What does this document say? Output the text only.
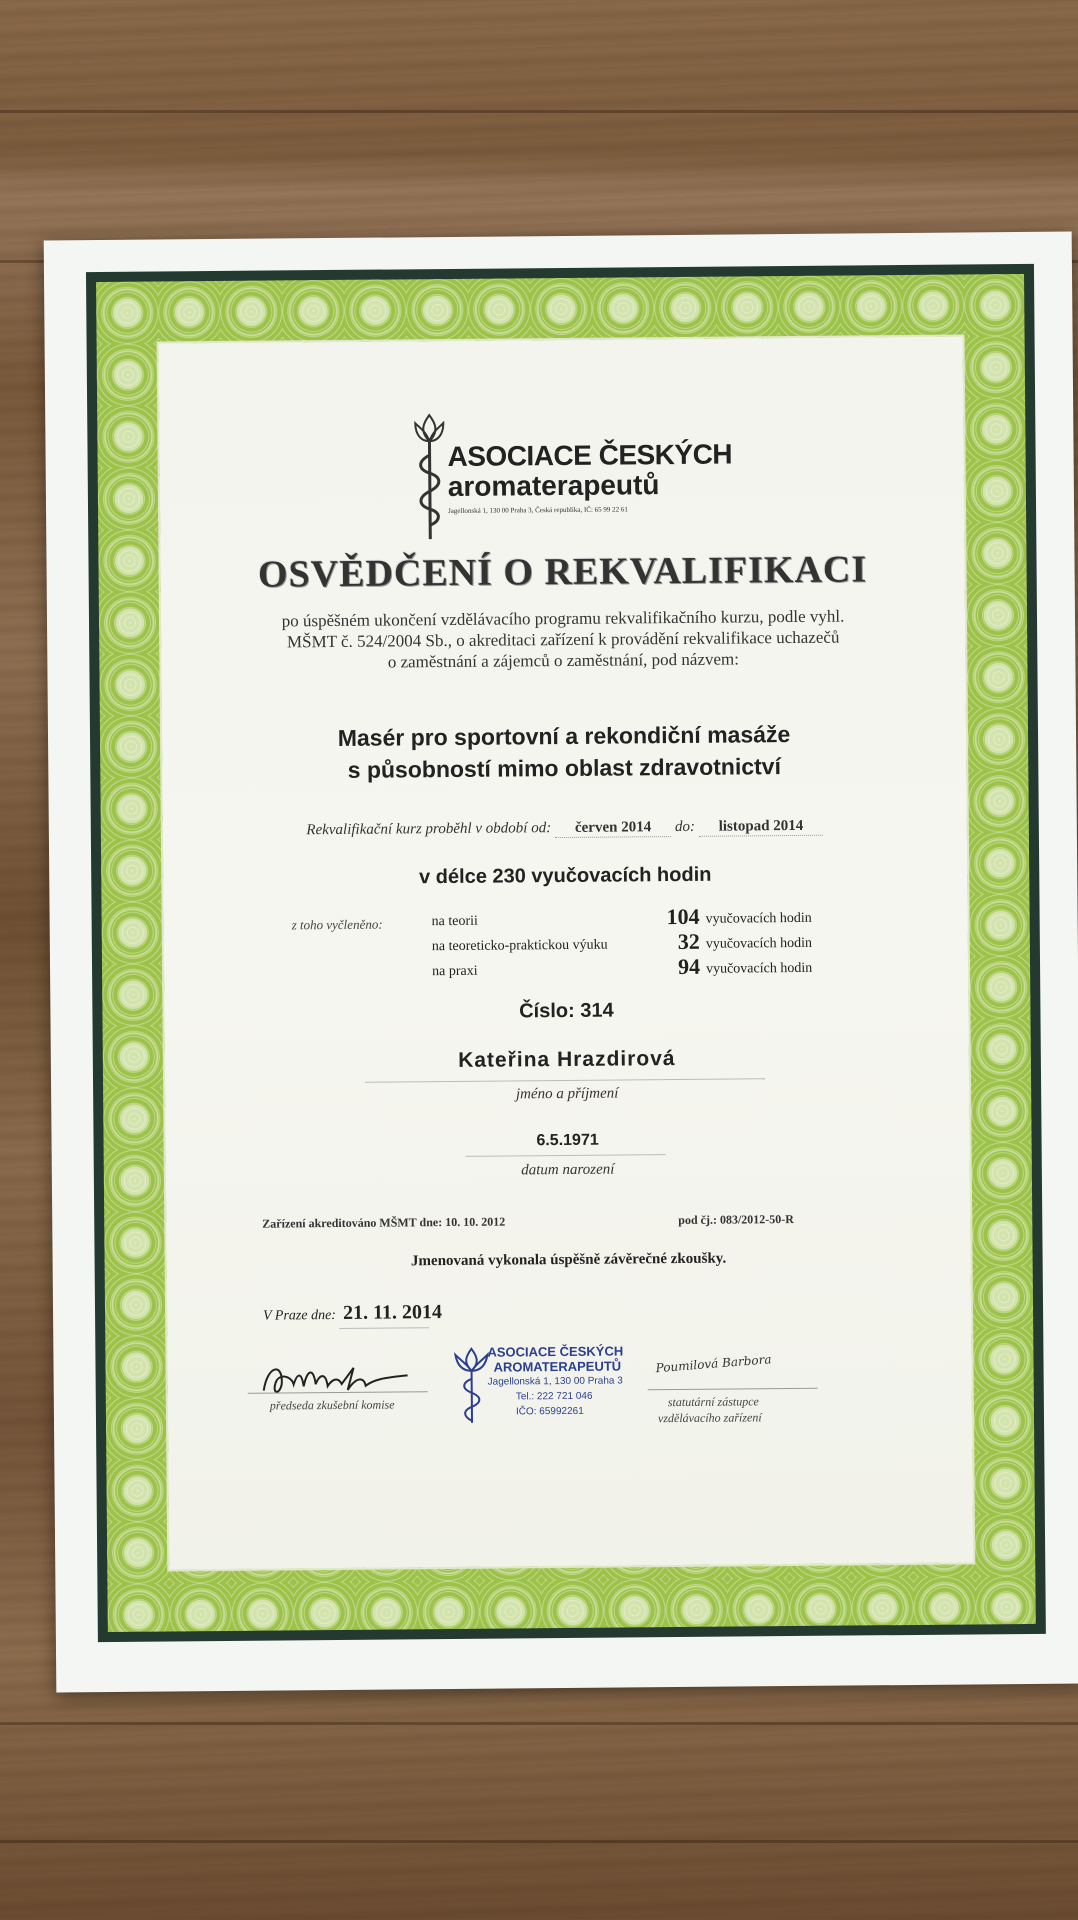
ASOCIACE ČESKÝCH
aromaterapeutů
Jagellonská 1, 130 00 Praha 3, Česká republika, IČ: 65 99 22 61
OSVĚDČENÍ O REKVALIFIKACI
po úspěšném ukončení vzdělávacího programu rekvalifikačního kurzu, podle vyhl. MŠMT č. 524/2004 Sb., o akreditaci zařízení k provádění rekvalifikace uchazečů o zaměstnání a zájemců o zaměstnání, pod názvem:
Masér pro sportovní a rekondiční masáže
s působností mimo oblast zdravotnictví
Rekvalifikační kurz proběhl v období od: červen 2014 do: listopad 2014
v délce 230 vyučovacích hodin
z toho vyčleněno:	na teorii	104 vyučovacích hodin
na teoreticko-praktickou výuku	32 vyučovacích hodin
na praxi	94 vyučovacích hodin
Číslo: 314
Kateřina Hrazdirová
jméno a příjmení
6.5.1971
datum narození
Zařízení akreditováno MŠMT dne: 10. 10. 2012	pod čj.: 083/2012-50-R
Jmenovaná vykonala úspěšně závěrečné zkoušky.
V Praze dne: 21. 11. 2014
předseda zkušební komise
ASOCIACE ČESKÝCH
AROMATERAPEUTŮ
Jagellonská 1, 130 00 Praha 3
Tel.: 222 721 046
IČO: 65992261
Poumilová Barbora
statutární zástupce
vzdělávacího zařízení
